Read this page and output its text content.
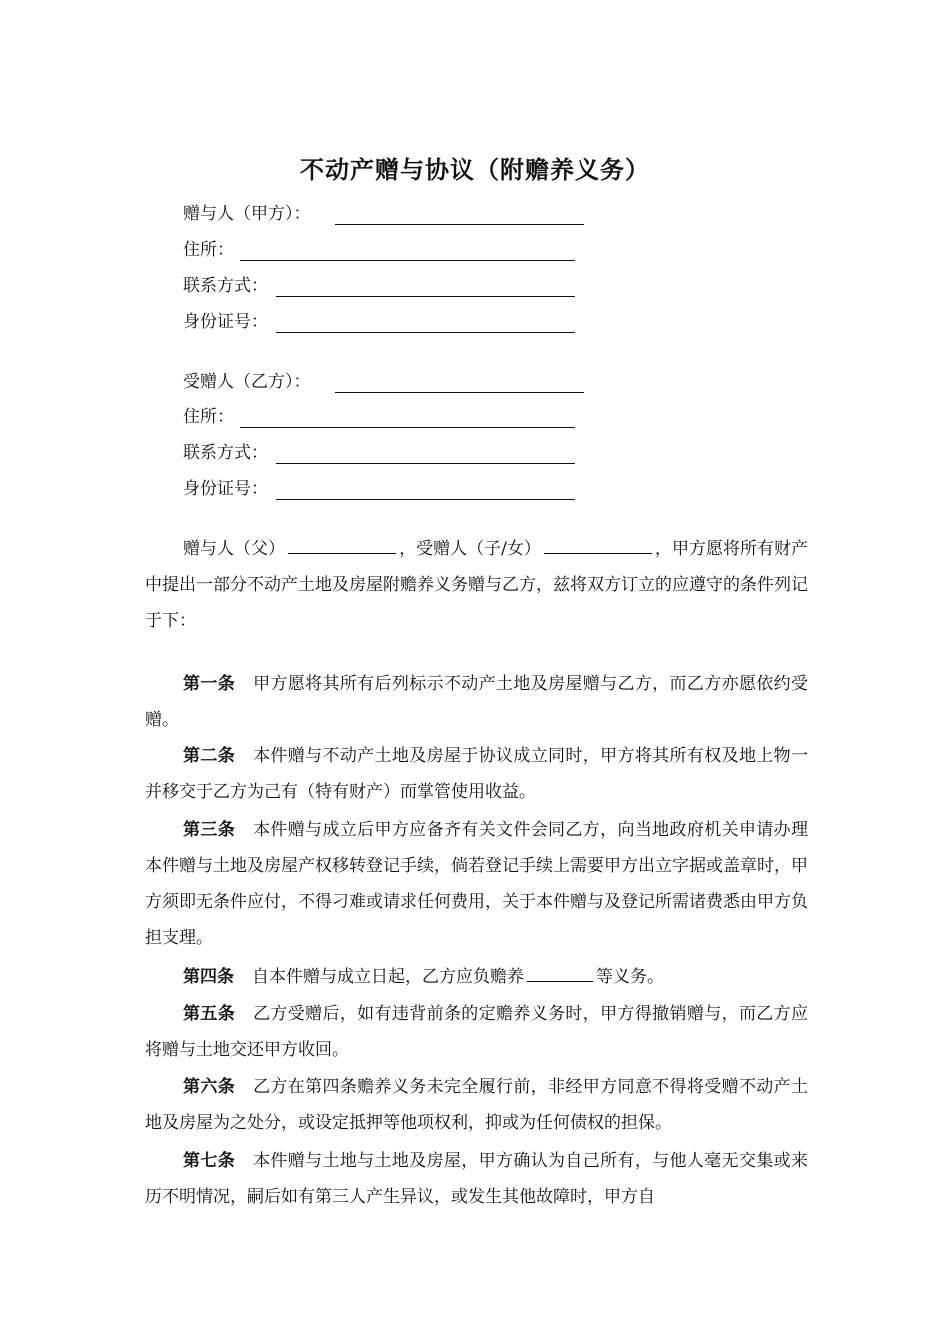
不动产赠与协议（附赡养义务）
赠与人（甲方）：
住所：
联系方式：
身份证号：
受赠人（乙方）：
住所：
联系方式：
身份证号：
赠与人（父）	，受赠人（子/女）	，甲方愿将所有财产中提出一部分不动产土地及房屋附赡养义务赠与乙方，兹将双方订立的应遵守的条件列记于下：
第一条 甲方愿将其所有后列标示不动产土地及房屋赠与乙方，而乙方亦愿依约受赠。
第二条 本件赠与不动产土地及房屋于协议成立同时，甲方将其所有权及地上物一并移交于乙方为己有（特有财产）而掌管使用收益。
第三条 本件赠与成立后甲方应备齐有关文件会同乙方，向当地政府机关申请办理本件赠与土地及房屋产权移转登记手续，倘若登记手续上需要甲方出立字据或盖章时，甲方须即无条件应付，不得刁难或请求任何费用，关于本件赠与及登记所需诸费悉由甲方负担支理。
第四条 自本件赠与成立日起，乙方应负赡养	等义务。
第五条 乙方受赠后，如有违背前条的定赡养义务时，甲方得撤销赠与，而乙方应将赠与土地交还甲方收回。
第六条 乙方在第四条赡养义务未完全履行前，非经甲方同意不得将受赠不动产土地及房屋为之处分，或设定抵押等他项权利，抑或为任何债权的担保。
第七条 本件赠与土地与土地及房屋，甲方确认为自己所有，与他人毫无交集或来历不明情况，嗣后如有第三人产生异议，或发生其他故障时，甲方自
